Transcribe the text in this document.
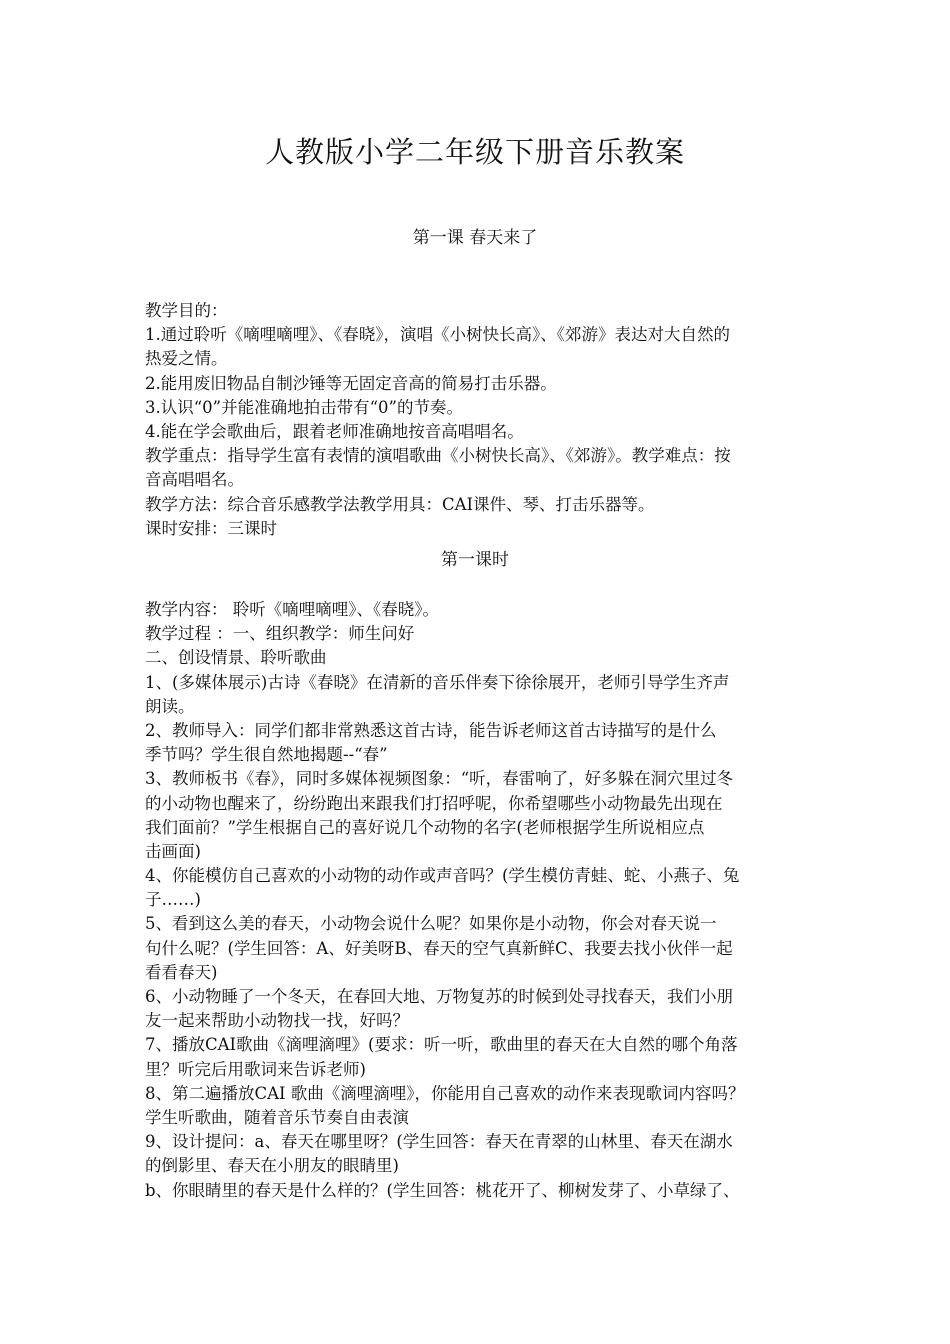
人教版小学二年级下册音乐教案
第一课 春天来了

教学目的：

1.通过聆听《嘀哩嘀哩》、《春晓》，演唱《小树快长高》、《郊游》表达对大自然的

热爱之情。

2.能用废旧物品自制沙锤等无固定音高的简易打击乐器。

3.认识“0”并能准确地拍击带有“0”的节奏。

4.能在学会歌曲后，跟着老师准确地按音高唱唱名。

教学重点：指导学生富有表情的演唱歌曲《小树快长高》、《郊游》。教学难点：按

音高唱唱名。

教学方法：综合音乐感教学法教学用具：CAI课件、琴、打击乐器等。

课时安排：三课时

第一课时

教学内容： 聆听《嘀哩嘀哩》、《春晓》。

教学过程 ：一、组织教学：师生问好

二、创设情景、聆听歌曲

1、(多媒体展示)古诗《春晓》在清新的音乐伴奏下徐徐展开，老师引导学生齐声

朗读。

2、教师导入：同学们都非常熟悉这首古诗，能告诉老师这首古诗描写的是什么

季节吗？学生很自然地揭题--“春”

3、教师板书《春》，同时多媒体视频图象：“听，春雷响了，好多躲在洞穴里过冬

的小动物也醒来了，纷纷跑出来跟我们打招呼呢，你希望哪些小动物最先出现在

我们面前？”学生根据自己的喜好说几个动物的名字(老师根据学生所说相应点

击画面)

4、你能模仿自己喜欢的小动物的动作或声音吗？(学生模仿青蛙、蛇、小燕子、兔

子……)

5、看到这么美的春天，小动物会说什么呢？如果你是小动物，你会对春天说一

句什么呢？(学生回答：A、好美呀B、春天的空气真新鲜C、我要去找小伙伴一起

看看春天)

6、小动物睡了一个冬天，在春回大地、万物复苏的时候到处寻找春天，我们小朋

友一起来帮助小动物找一找，好吗？

7、播放CAI歌曲《滴哩滴哩》(要求：听一听，歌曲里的春天在大自然的哪个角落

里？听完后用歌词来告诉老师)

8、第二遍播放CAI 歌曲《滴哩滴哩》，你能用自己喜欢的动作来表现歌词内容吗？

学生听歌曲，随着音乐节奏自由表演

9、设计提问：a、春天在哪里呀？(学生回答：春天在青翠的山林里、春天在湖水

的倒影里、春天在小朋友的眼睛里)

b、你眼睛里的春天是什么样的？(学生回答：桃花开了、柳树发芽了、小草绿了、
